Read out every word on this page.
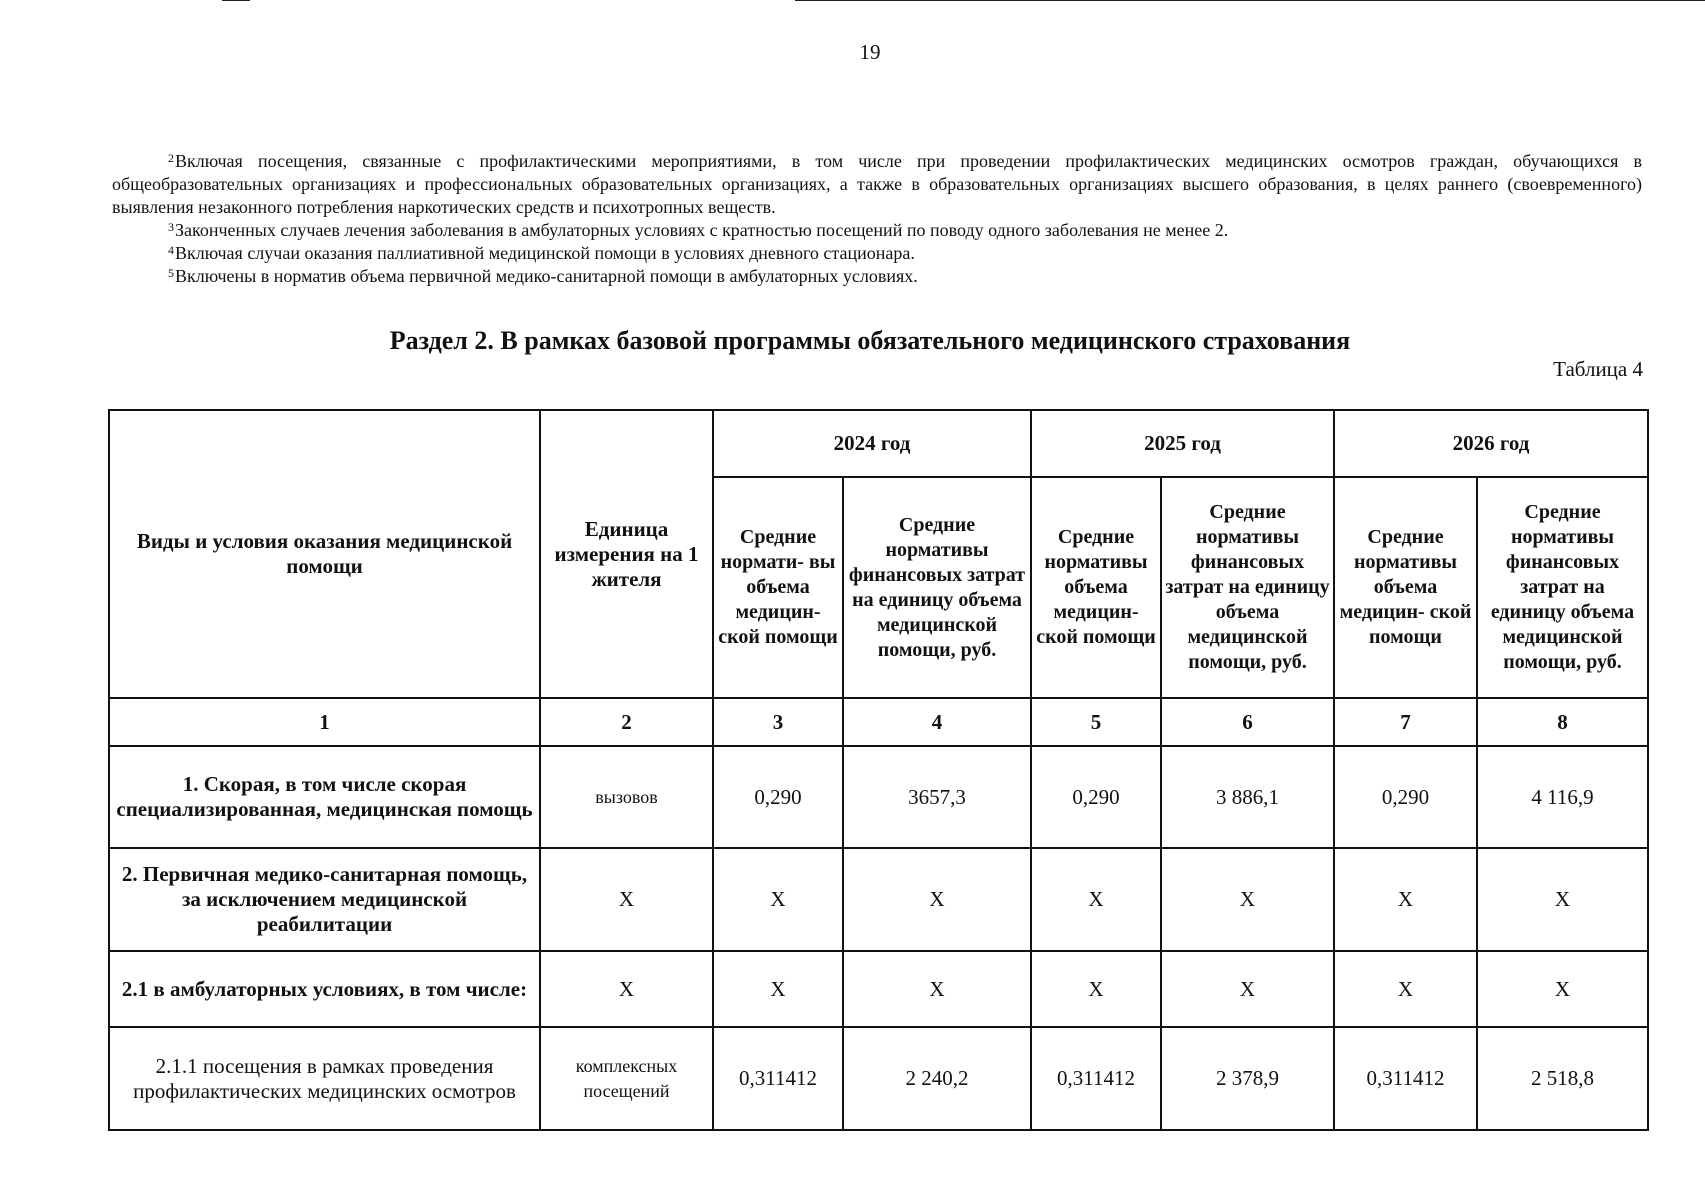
19

$^2$Включая посещения, связанные с профилактическими мероприятиями, в том числе при проведении профилактических медицинских осмотров граждан, обучающихся в общеобразовательных организациях и профессиональных образовательных организациях, а также в образовательных организациях высшего образования, в целях раннего (своевременного) выявления незаконного потребления наркотических средств и психотропных веществ.

$^3$Законченных случаев лечения заболевания в амбулаторных условиях с кратностью посещений по поводу одного заболевания не менее 2.

$^4$Включая случаи оказания паллиативной медицинской помощи в условиях дневного стационара.

$^5$Включены в норматив объема первичной медико-санитарной помощи в амбулаторных условиях.

Раздел 2. В рамках базовой программы обязательного медицинского страхования
Таблица 4
Виды и условия оказания медицинской помощи	Единица измерения на 1 жителя	2024 год		2025 год		2026 год	
		Средние нормати- вы объема медицин- ской помощи	Средние нормативы финансовых затрат на единицу объема медицинской помощи, руб.	Средние нормативы объема медицин- ской помощи	Средние нормативы финансовых затрат на единицу объема медицинской помощи, руб.	Средние нормативы объема медицин- ской помощи	Средние нормативы финансовых затрат на единицу объема медицинской помощи, руб.
1	2	3	4	5	6	7	8
1. Скорая, в том числе скорая специализированная, медицинская помощь	вызовов	0,290	3657,3	0,290	3 886,1	0,290	4 116,9
2. Первичная медико-санитарная помощь, за исключением медицинской реабилитации	X	X	X	X	X	X	X
2.1 в амбулаторных условиях, в том числе:	X	X	X	X	X	X	X
2.1.1 посещения в рамках проведения профилактических медицинских осмотров	комплексных посещений	0,311412	2 240,2	0,311412	2 378,9	0,311412	2 518,8
